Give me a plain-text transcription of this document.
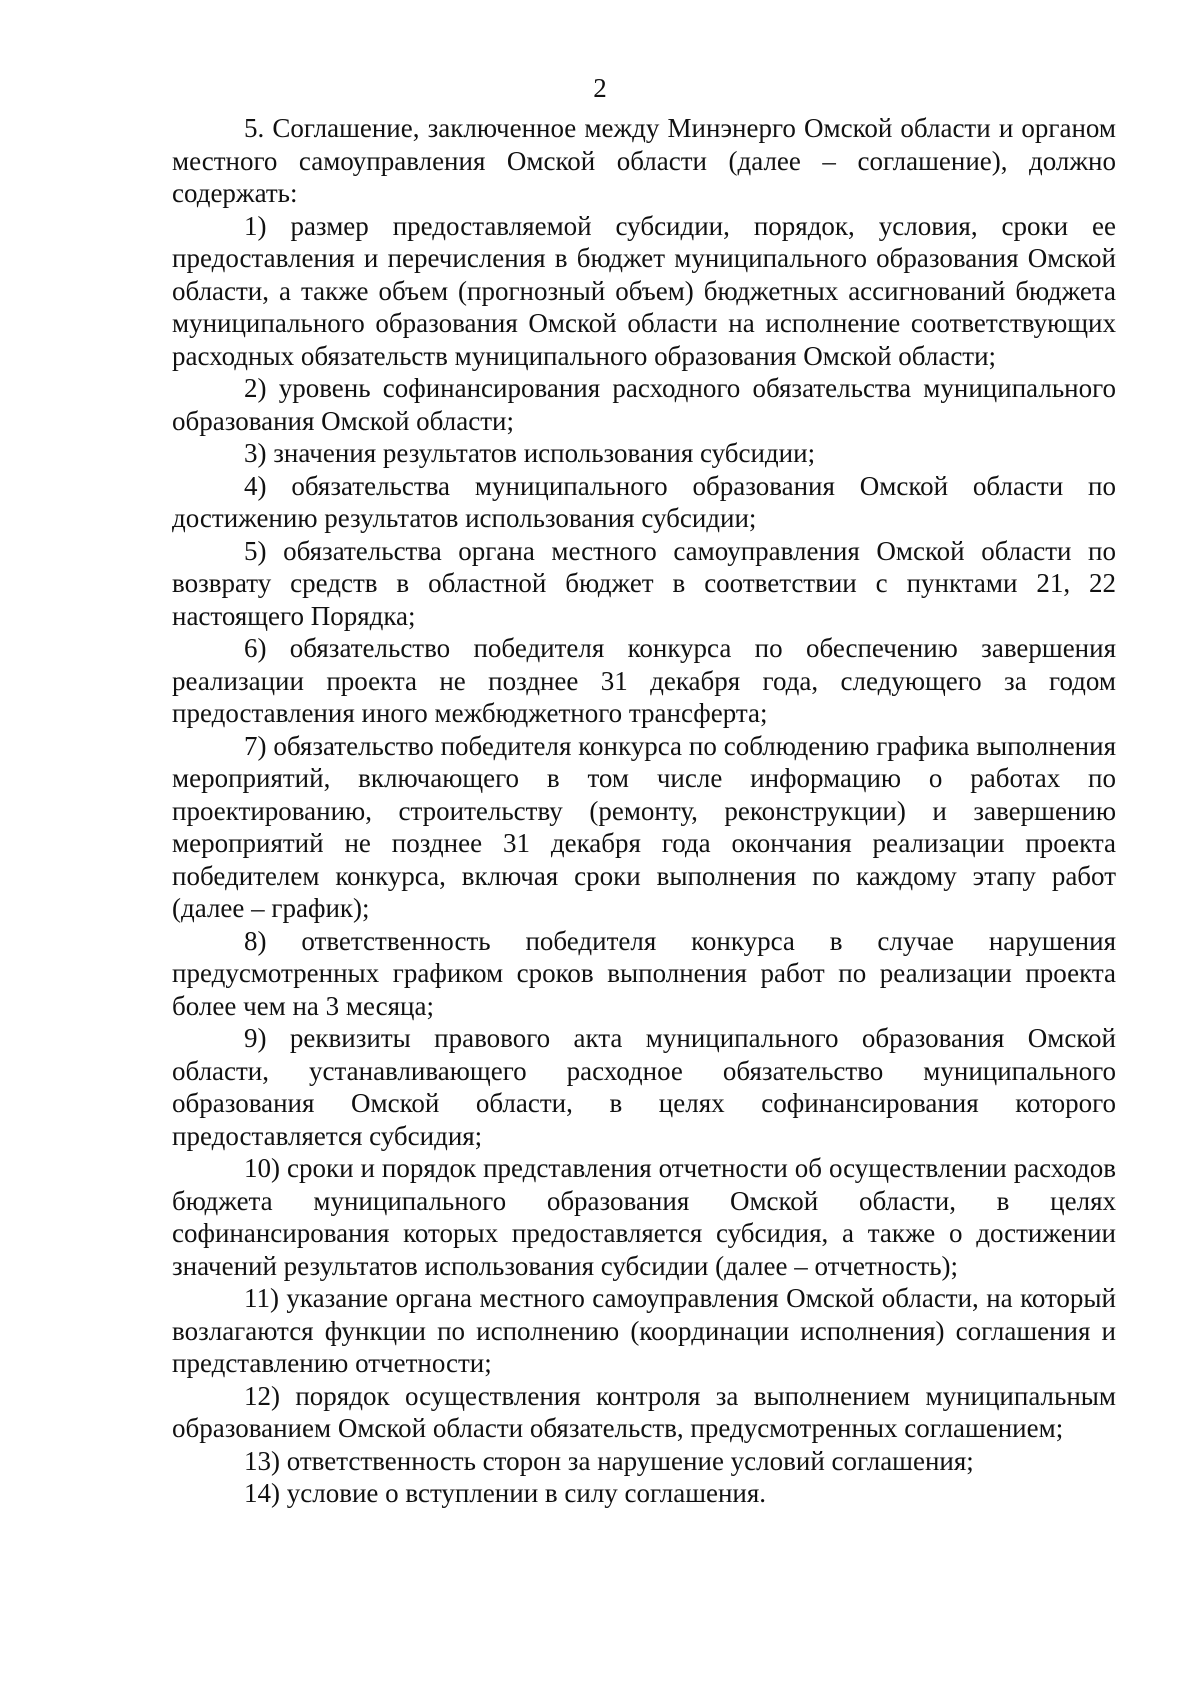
2

5. Соглашение, заключенное между Минэнерго Омской области и органом местного самоуправления Омской области (далее – соглашение), должно содержать:

1) размер предоставляемой субсидии, порядок, условия, сроки ее предоставления и перечисления в бюджет муниципального образования Омской области, а также объем (прогнозный объем) бюджетных ассигнований бюджета муниципального образования Омской области на исполнение соответствующих расходных обязательств муниципального образования Омской области;

2) уровень софинансирования расходного обязательства муниципального образования Омской области;

3) значения результатов использования субсидии;

4) обязательства муниципального образования Омской области по достижению результатов использования субсидии;

5) обязательства органа местного самоуправления Омской области по возврату средств в областной бюджет в соответствии с пунктами 21, 22 настоящего Порядка;

6) обязательство победителя конкурса по обеспечению завершения реализации проекта не позднее 31 декабря года, следующего за годом предоставления иного межбюджетного трансферта;

7) обязательство победителя конкурса по соблюдению графика выполнения мероприятий, включающего в том числе информацию о работах по проектированию, строительству (ремонту, реконструкции) и завершению мероприятий не позднее 31 декабря года окончания реализации проекта победителем конкурса, включая сроки выполнения по каждому этапу работ (далее – график);

8) ответственность победителя конкурса в случае нарушения предусмотренных графиком сроков выполнения работ по реализации проекта более чем на 3 месяца;

9) реквизиты правового акта муниципального образования Омской области, устанавливающего расходное обязательство муниципального образования Омской области, в целях софинансирования которого предоставляется субсидия;

10) сроки и порядок представления отчетности об осуществлении расходов бюджета муниципального образования Омской области, в целях софинансирования которых предоставляется субсидия, а также о достижении значений результатов использования субсидии (далее – отчетность);

11) указание органа местного самоуправления Омской области, на который возлагаются функции по исполнению (координации исполнения) соглашения и представлению отчетности;

12) порядок осуществления контроля за выполнением муниципальным образованием Омской области обязательств, предусмотренных соглашением;

13) ответственность сторон за нарушение условий соглашения;

14) условие о вступлении в силу соглашения.
